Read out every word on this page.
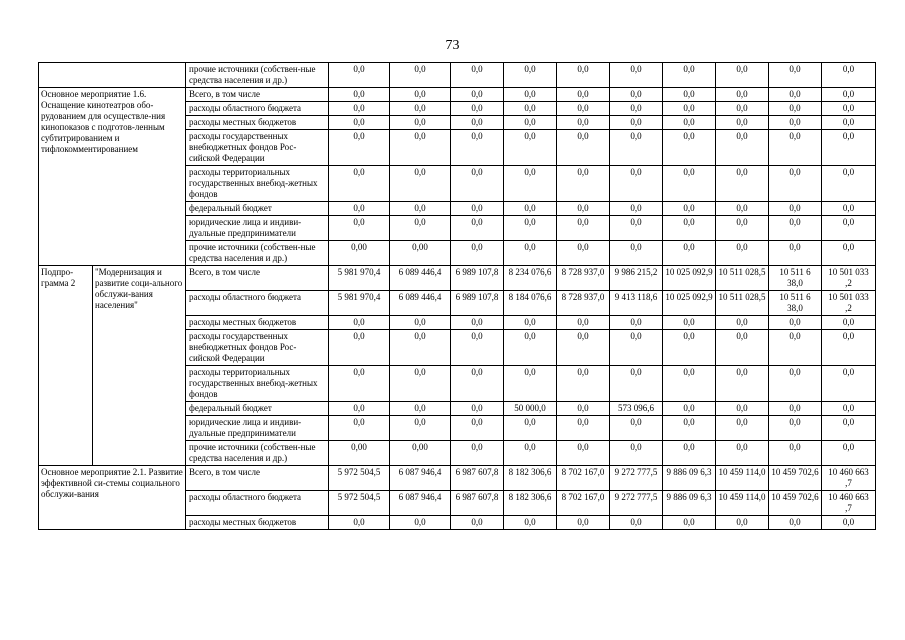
73
		прочие источники (собствен-ные средства населения и др.)	0,0	0,0	0,0	0,0	0,0	0,0	0,0	0,0	0,0	0,0
Основное мероприятие 1.6. Оснащение кинотеатров обо-рудованием для осуществле-ния кинопоказов с подготов-ленным субтитрированием и тифлокомментированием		Всего, в том числе	0,0	0,0	0,0	0,0	0,0	0,0	0,0	0,0	0,0	0,0
		расходы областного бюджета	0,0	0,0	0,0	0,0	0,0	0,0	0,0	0,0	0,0	0,0
		расходы местных бюджетов	0,0	0,0	0,0	0,0	0,0	0,0	0,0	0,0	0,0	0,0
		расходы государственных внебюджетных фондов Рос-сийской Федерации	0,0	0,0	0,0	0,0	0,0	0,0	0,0	0,0	0,0	0,0
		расходы территориальных государственных внебюд-жетных фондов	0,0	0,0	0,0	0,0	0,0	0,0	0,0	0,0	0,0	0,0
		федеральный бюджет	0,0	0,0	0,0	0,0	0,0	0,0	0,0	0,0	0,0	0,0
		юридические лица и индиви-дуальные предприниматели	0,0	0,0	0,0	0,0	0,0	0,0	0,0	0,0	0,0	0,0
		прочие источники (собствен-ные средства населения и др.)	0,00	0,00	0,0	0,0	0,0	0,0	0,0	0,0	0,0	0,0
Подпро-грамма 2	"Модернизация и развитие соци-ального обслужи-вания населения"	Всего, в том числе	5 981 970,4	6 089 446,4	6 989 107,8	8 234 076,6	8 728 937,0	9 986 215,2	10 025 092,9	10 511 028,5	10 511 6 38,0	10 501 033 ,2
		расходы областного бюджета	5 981 970,4	6 089 446,4	6 989 107,8	8 184 076,6	8 728 937,0	9 413 118,6	10 025 092,9	10 511 028,5	10 511 6 38,0	10 501 033 ,2
		расходы местных бюджетов	0,0	0,0	0,0	0,0	0,0	0,0	0,0	0,0	0,0	0,0
		расходы государственных внебюджетных фондов Рос-сийской Федерации	0,0	0,0	0,0	0,0	0,0	0,0	0,0	0,0	0,0	0,0
		расходы территориальных государственных внебюд-жетных фондов	0,0	0,0	0,0	0,0	0,0	0,0	0,0	0,0	0,0	0,0
		федеральный бюджет	0,0	0,0	0,0	50 000,0	0,0	573 096,6	0,0	0,0	0,0	0,0
		юридические лица и индиви-дуальные предприниматели	0,0	0,0	0,0	0,0	0,0	0,0	0,0	0,0	0,0	0,0
		прочие источники (собствен-ные средства населения и др.)	0,00	0,00	0,0	0,0	0,0	0,0	0,0	0,0	0,0	0,0
Основное мероприятие 2.1. Развитие эффективной си-стемы социального обслужи-вания		Всего, в том числе	5 972 504,5	6 087 946,4	6 987 607,8	8 182 306,6	8 702 167,0	9 272 777,5	9 886 09 6,3	10 459 114,0	10 459 702,6	10 460 663 ,7
		расходы областного бюджета	5 972 504,5	6 087 946,4	6 987 607,8	8 182 306,6	8 702 167,0	9 272 777,5	9 886 09 6,3	10 459 114,0	10 459 702,6	10 460 663 ,7
		расходы местных бюджетов	0,0	0,0	0,0	0,0	0,0	0,0	0,0	0,0	0,0	0,0
